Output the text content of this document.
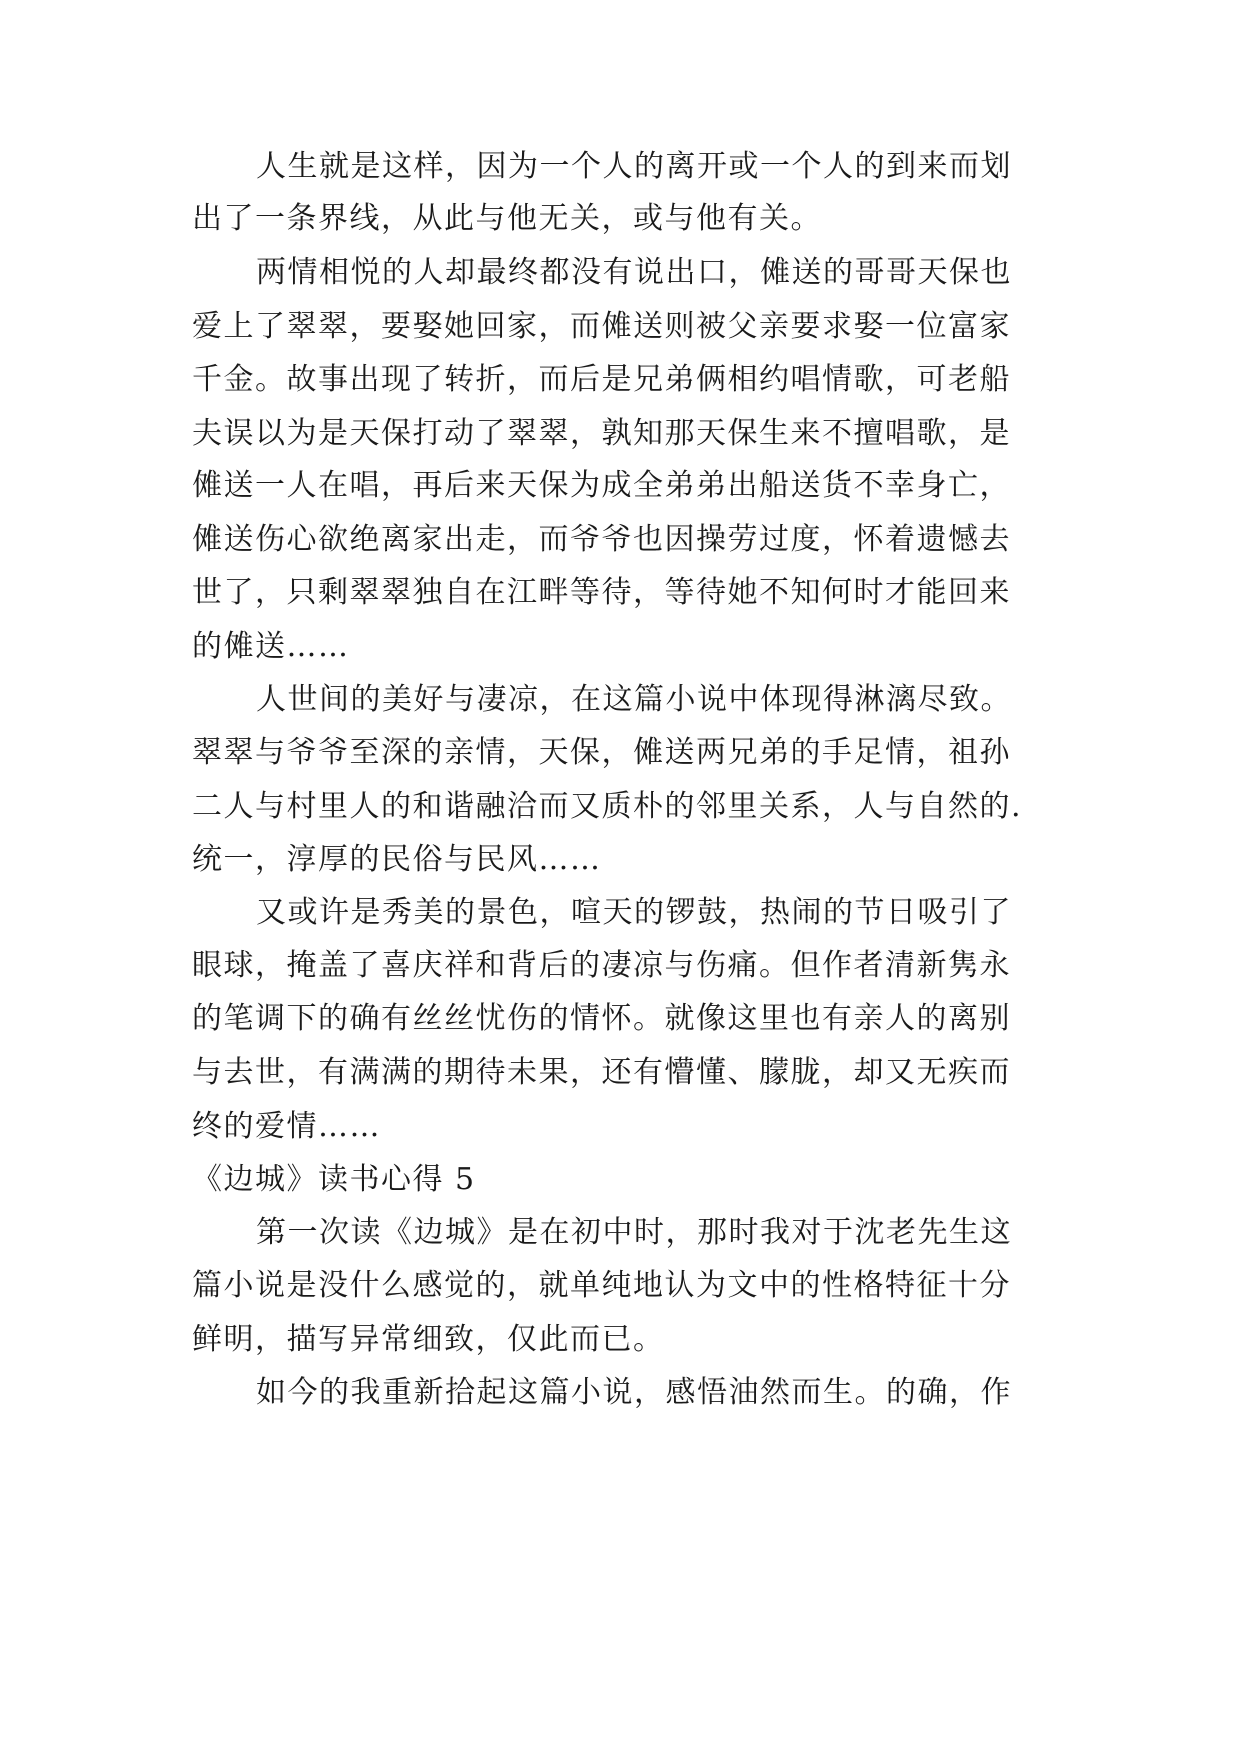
人生就是这样，因为一个人的离开或一个人的到来而划
出了一条界线，从此与他无关，或与他有关。
两情相悦的人却最终都没有说出口，傩送的哥哥天保也
爱上了翠翠，要娶她回家，而傩送则被父亲要求娶一位富家
千金。故事出现了转折，而后是兄弟俩相约唱情歌，可老船
夫误以为是天保打动了翠翠，孰知那天保生来不擅唱歌，是
傩送一人在唱，再后来天保为成全弟弟出船送货不幸身亡，
傩送伤心欲绝离家出走，而爷爷也因操劳过度，怀着遗憾去
世了，只剩翠翠独自在江畔等待，等待她不知何时才能回来
的傩送……
人世间的美好与凄凉，在这篇小说中体现得淋漓尽致。
翠翠与爷爷至深的亲情，天保，傩送两兄弟的手足情，祖孙
二人与村里人的和谐融洽而又质朴的邻里关系，人与自然的.
统一，淳厚的民俗与民风……
又或许是秀美的景色，喧天的锣鼓，热闹的节日吸引了
眼球，掩盖了喜庆祥和背后的凄凉与伤痛。但作者清新隽永
的笔调下的确有丝丝忧伤的情怀。就像这里也有亲人的离别
与去世，有满满的期待未果，还有懵懂、朦胧，却又无疾而
终的爱情……
《边城》读书心得 5
第一次读《边城》是在初中时，那时我对于沈老先生这
篇小说是没什么感觉的，就单纯地认为文中的性格特征十分
鲜明，描写异常细致，仅此而已。
如今的我重新拾起这篇小说，感悟油然而生。的确，作
